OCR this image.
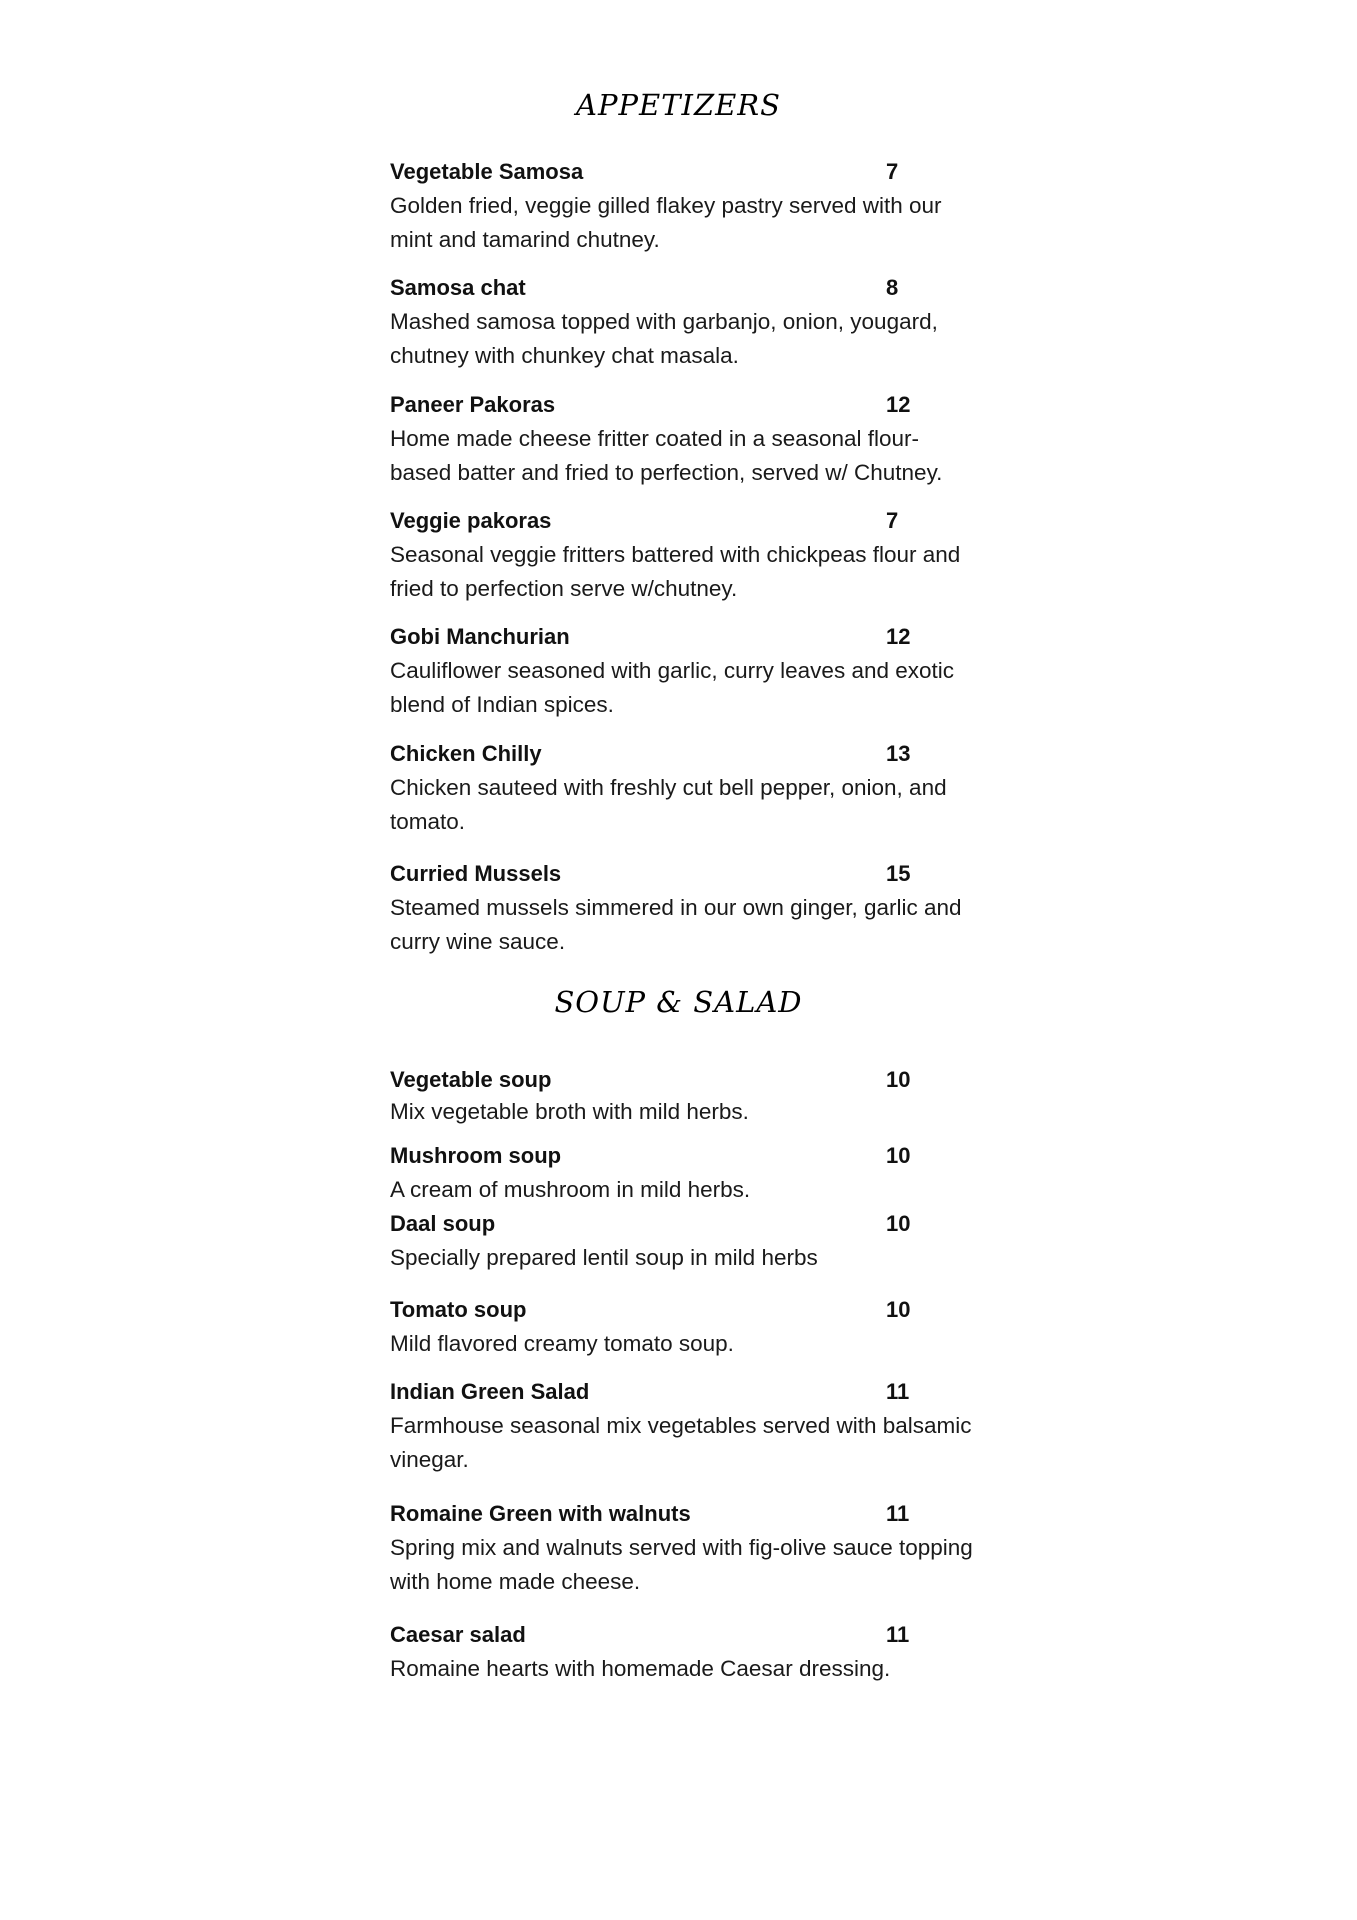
APPETIZERS
Vegetable Samosa	7

Golden fried, veggie gilled flakey pastry served with our mint and tamarind chutney.

Samosa chat	8

Mashed samosa topped with garbanjo, onion, yougard, chutney with chunkey chat masala.

Paneer Pakoras	12

Home made cheese fritter coated in a seasonal flour-based batter and fried to perfection, served w/ Chutney.

Veggie pakoras	7

Seasonal veggie fritters battered with chickpeas flour and fried to perfection serve w/chutney.

Gobi Manchurian	12

Cauliflower seasoned with garlic, curry leaves and exotic blend of Indian spices.

Chicken Chilly	13

Chicken sauteed with freshly cut bell pepper, onion, and tomato.

Curried Mussels	15

Steamed mussels simmered in our own ginger, garlic and curry wine sauce.

SOUP & SALAD
Vegetable soup	10

Mix vegetable broth with mild herbs.

Mushroom soup	10

A cream of mushroom in mild herbs.

Daal soup	10

Specially prepared lentil soup in mild herbs

Tomato soup	10

Mild flavored creamy tomato soup.

Indian Green Salad	11

Farmhouse seasonal mix vegetables served with balsamic vinegar.

Romaine Green with walnuts	11

Spring mix and walnuts served with fig-olive sauce topping with home made cheese.

Caesar salad	11

Romaine hearts with homemade Caesar dressing.
